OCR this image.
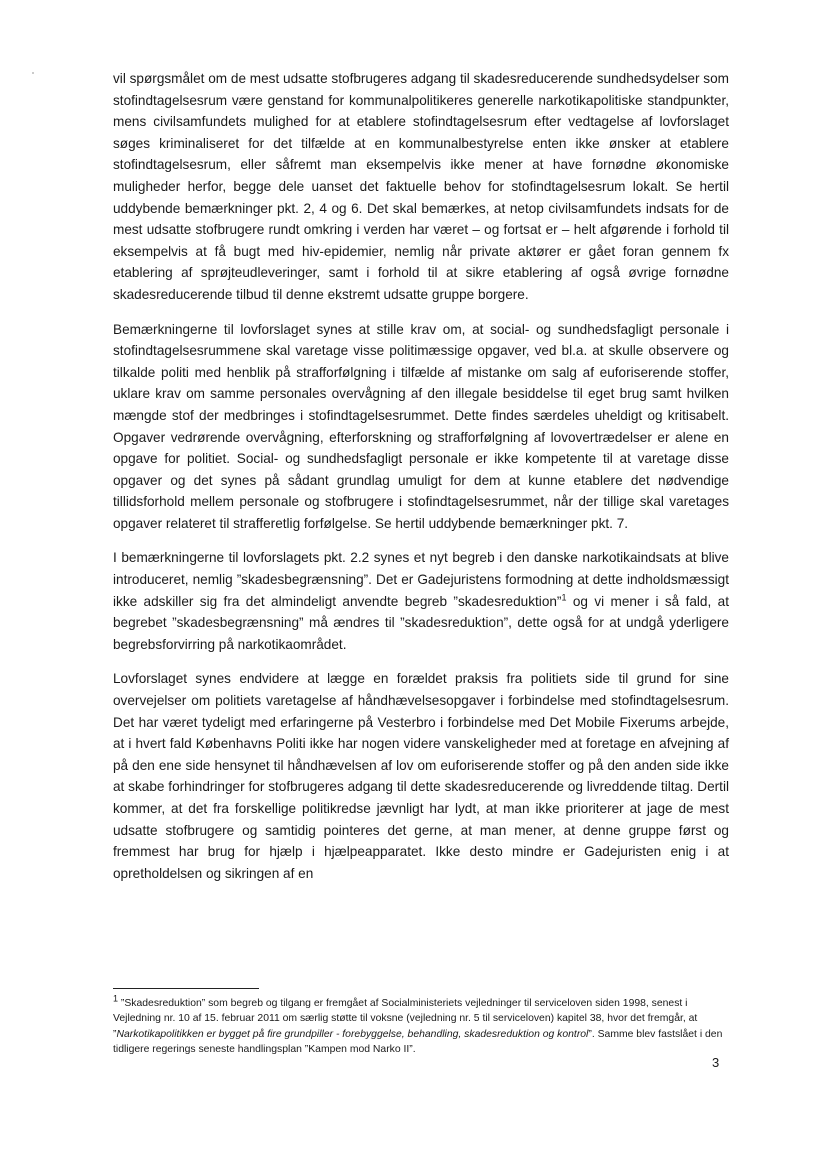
vil spørgsmålet om de mest udsatte stofbrugeres adgang til skadesreducerende sundhedsydelser som stofindtagelsesrum være genstand for kommunalpolitikeres generelle narkotikapolitiske standpunkter, mens civilsamfundets mulighed for at etablere stofindtagelsesrum efter vedtagelse af lovforslaget søges kriminaliseret for det tilfælde at en kommunalbestyrelse enten ikke ønsker at etablere stofindtagelsesrum, eller såfremt man eksempelvis ikke mener at have fornødne økonomiske muligheder herfor, begge dele uanset det faktuelle behov for stofindtagelsesrum lokalt. Se hertil uddybende bemærkninger pkt. 2, 4 og 6. Det skal bemærkes, at netop civilsamfundets indsats for de mest udsatte stofbrugere rundt omkring i verden har været – og fortsat er – helt afgørende i forhold til eksempelvis at få bugt med hiv-epidemier, nemlig når private aktører er gået foran gennem fx etablering af sprøjteudleveringer, samt i forhold til at sikre etablering af også øvrige fornødne skadesreducerende tilbud til denne ekstremt udsatte gruppe borgere.

Bemærkningerne til lovforslaget synes at stille krav om, at social- og sundhedsfagligt personale i stofindtagelsesrummene skal varetage visse politimæssige opgaver, ved bl.a. at skulle observere og tilkalde politi med henblik på strafforfølgning i tilfælde af mistanke om salg af euforiserende stoffer, uklare krav om samme personales overvågning af den illegale besiddelse til eget brug samt hvilken mængde stof der medbringes i stofindtagelsesrummet. Dette findes særdeles uheldigt og kritisabelt. Opgaver vedrørende overvågning, efterforskning og strafforfølgning af lovovertrædelser er alene en opgave for politiet. Social- og sundhedsfagligt personale er ikke kompetente til at varetage disse opgaver og det synes på sådant grundlag umuligt for dem at kunne etablere det nødvendige tillidsforhold mellem personale og stofbrugere i stofindtagelsesrummet, når der tillige skal varetages opgaver relateret til strafferetlig forfølgelse. Se hertil uddybende bemærkninger pkt. 7.

I bemærkningerne til lovforslagets pkt. 2.2 synes et nyt begreb i den danske narkotikaindsats at blive introduceret, nemlig ”skadesbegrænsning”. Det er Gadejuristens formodning at dette indholdsmæssigt ikke adskiller sig fra det almindeligt anvendte begreb ”skadesreduktion”$^1$ og vi mener i så fald, at begrebet ”skadesbegrænsning” må ændres til ”skadesreduktion”, dette også for at undgå yderligere begrebsforvirring på narkotikaområdet.

Lovforslaget synes endvidere at lægge en forældet praksis fra politiets side til grund for sine overvejelser om politiets varetagelse af håndhævelsesopgaver i forbindelse med stofindtagelsesrum. Det har været tydeligt med erfaringerne på Vesterbro i forbindelse med Det Mobile Fixerums arbejde, at i hvert fald Københavns Politi ikke har nogen videre vanskeligheder med at foretage en afvejning af på den ene side hensynet til håndhævelsen af lov om euforiserende stoffer og på den anden side ikke at skabe forhindringer for stofbrugeres adgang til dette skadesreducerende og livreddende tiltag. Dertil kommer, at det fra forskellige politikredse jævnligt har lydt, at man ikke prioriterer at jage de mest udsatte stofbrugere og samtidig pointeres det gerne, at man mener, at denne gruppe først og fremmest har brug for hjælp i hjælpeapparatet. Ikke desto mindre er Gadejuristen enig i at opretholdelsen og sikringen af en

$^1$ ”Skadesreduktion” som begreb og tilgang er fremgået af Socialministeriets vejledninger til serviceloven siden 1998, senest i Vejledning nr. 10 af 15. februar 2011 om særlig støtte til voksne (vejledning nr. 5 til serviceloven) kapitel 38, hvor det fremgår, at ”Narkotikapolitikken er bygget på fire grundpiller - forebyggelse, behandling, skadesreduktion og kontrol”. Samme blev fastslået i den tidligere regerings seneste handlingsplan ”Kampen mod Narko II”.

3
